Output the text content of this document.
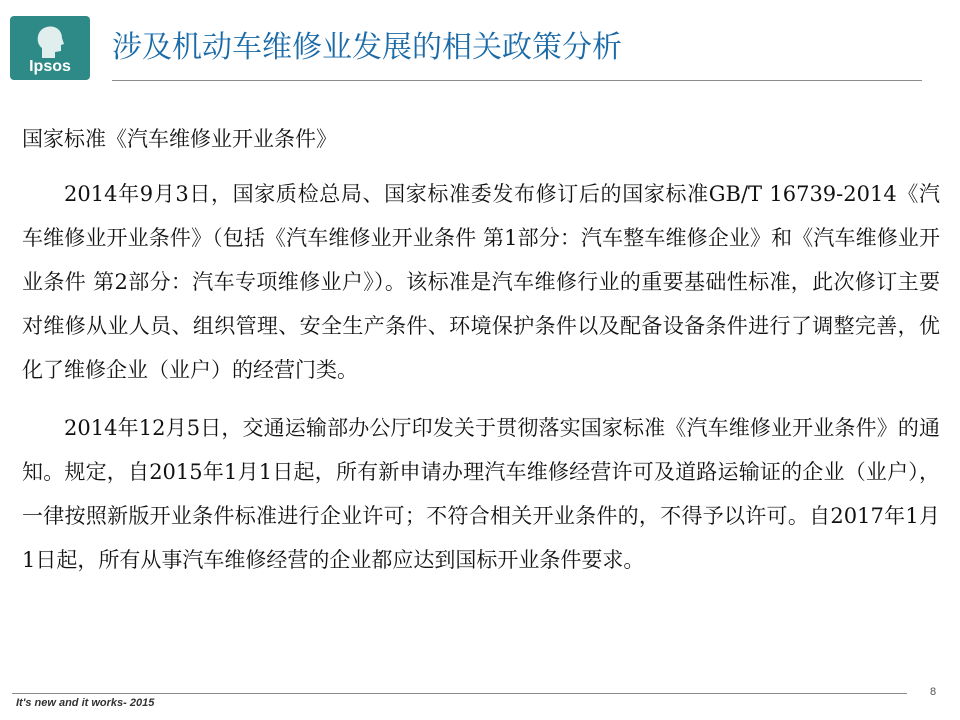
Ipsos
涉及机动车维修业发展的相关政策分析

国家标准《汽车维修业开业条件》

2014年9月3日，国家质检总局、国家标准委发布修订后的国家标准GB/T 16739-2014《汽车维修业开业条件》（包括《汽车维修业开业条件 第1部分：汽车整车维修企业》和《汽车维修业开业条件 第2部分：汽车专项维修业户》）。该标准是汽车维修行业的重要基础性标准，此次修订主要对维修从业人员、组织管理、安全生产条件、环境保护条件以及配备设备条件进行了调整完善，优化了维修企业（业户）的经营门类。

2014年12月5日，交通运输部办公厅印发关于贯彻落实国家标准《汽车维修业开业条件》的通知。规定，自2015年1月1日起，所有新申请办理汽车维修经营许可及道路运输证的企业（业户），一律按照新版开业条件标准进行企业许可；不符合相关开业条件的，不得予以许可。自2017年1月1日起，所有从事汽车维修经营的企业都应达到国标开业条件要求。

It's new and it works- 2015
8
